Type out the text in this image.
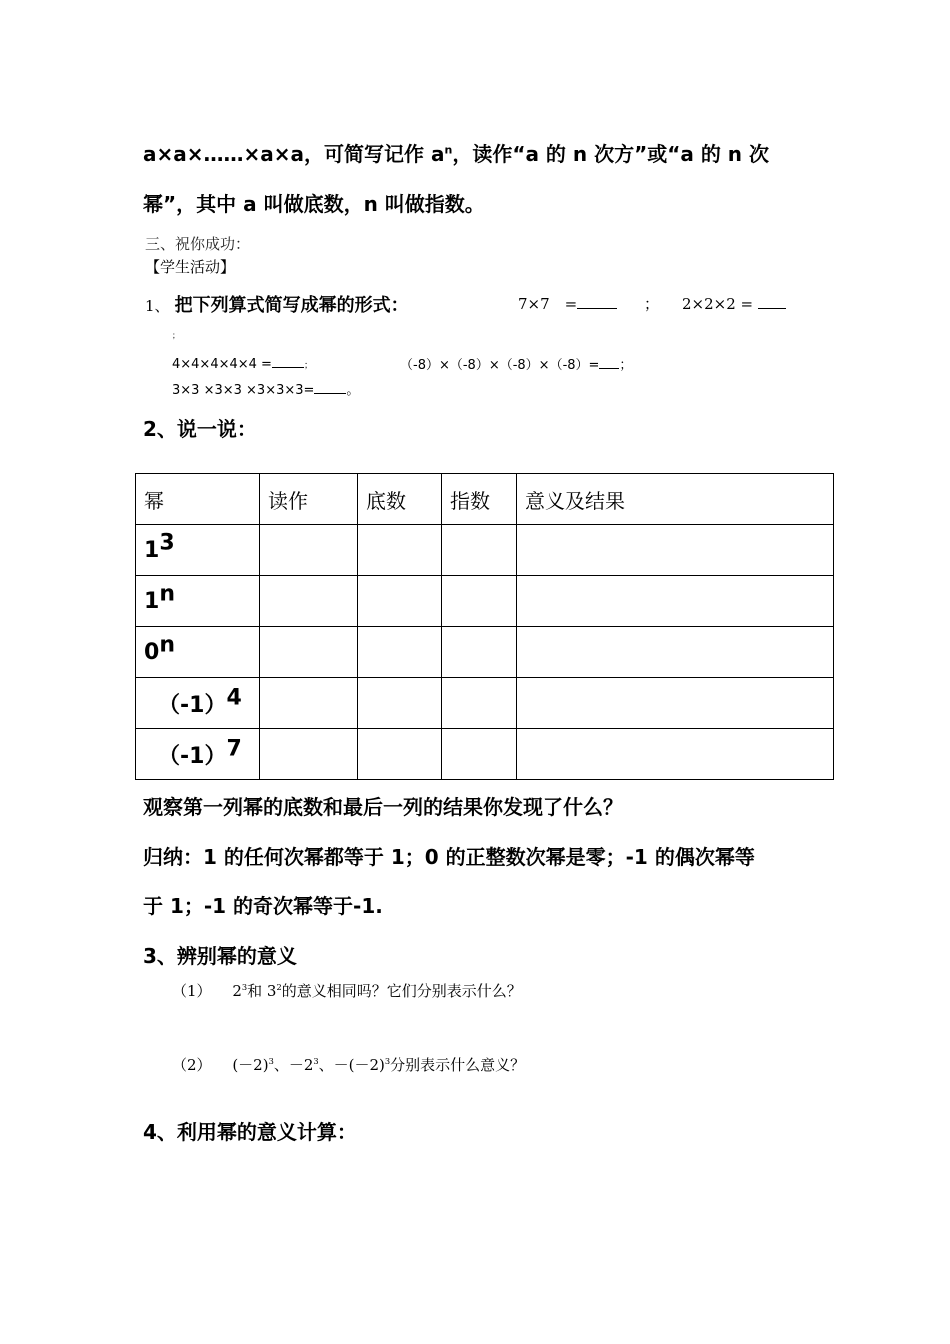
a×a×……×a×a，可简写记作 $a^n$，读作“a 的 n 次方”或“a 的 n 次
幂”，其中 a 叫做底数，n 叫做指数。
三、祝你成功：
【学生活动】
1、 把下列算式简写成幂的形式：	7×7　=	； 2×2×2 =
；
4×4×4×4×4 =	；	（-8）×（-8）×（-8）×（-8）= ；
3×3 ×3×3 ×3×3×3= 。
2、说一说：
幂	读作	底数	指数	意义及结果
$1^3$				
1$^n$				
0$^n$				
$(-1)^4$				
$(-1)^7$				
观察第一列幂的底数和最后一列的结果你发现了什么？
归纳：1 的任何次幂都等于 1；0 的正整数次幂是零；-1 的偶次幂等
于 1；-1 的奇次幂等于-1.
3、辨别幂的意义
（1） $2^3$和 $3^2$的意义相同吗？它们分别表示什么？
（2） $(-2)^3$、$-2^3$、$-(-2)^3$分别表示什么意义？
4、利用幂的意义计算：
